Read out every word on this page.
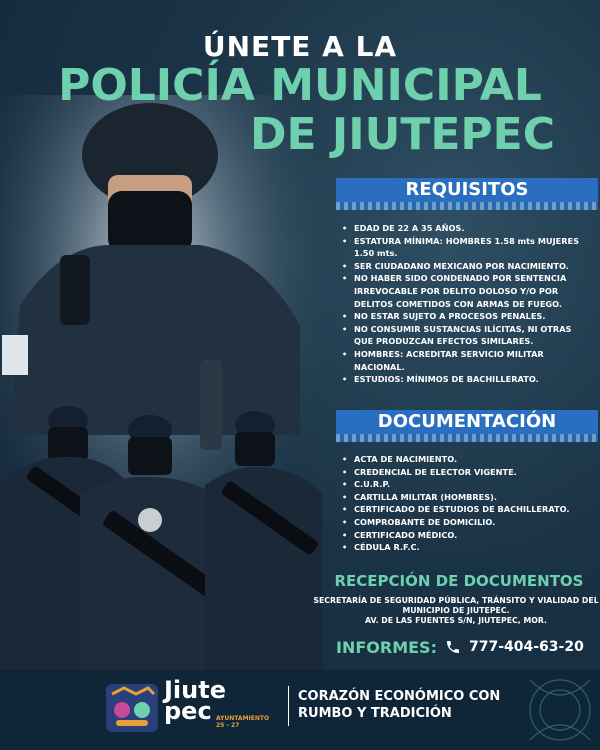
ÚNETE A LA
POLICÍA MUNICIPAL
DE JIUTEPEC
REQUISITOS
• EDAD DE 22 A 35 AÑOS.
• ESTATURA MÍNIMA: HOMBRES 1.58 mts MUJERES 1.50 mts.
• SER CIUDADANO MEXICANO POR NACIMIENTO.
• NO HABER SIDO CONDENADO POR SENTENCIA IRREVOCABLE POR DELITO DOLOSO Y/O POR DELITOS COMETIDOS CON ARMAS DE FUEGO.
• NO ESTAR SUJETO A PROCESOS PENALES.
• NO CONSUMIR SUSTANCIAS ILÍCITAS, NI OTRAS QUE PRODUZCAN EFECTOS SIMILARES.
• HOMBRES: ACREDITAR SERVICIO MILITAR NACIONAL.
• ESTUDIOS: MÍNIMOS DE BACHILLERATO.
DOCUMENTACIÓN
• ACTA DE NACIMIENTO.
• CREDENCIAL DE ELECTOR VIGENTE.
• C.U.R.P.
• CARTILLA MILITAR (HOMBRES).
• CERTIFICADO DE ESTUDIOS DE BACHILLERATO.
• COMPROBANTE DE DOMICILIO.
• CERTIFICADO MÉDICO.
• CÉDULA R.F.C.
RECEPCIÓN DE DOCUMENTOS
SECRETARÍA DE SEGURIDAD PÚBLICA, TRÁNSITO Y VIALIDAD DEL
MUNICIPIO DE JIUTEPEC.
AV. DE LAS FUENTES S/N, JIUTEPEC, MOR.
INFORMES: 777-404-63-20
Jiute
pec AYUNTAMIENTO
25 - 27
CORAZÓN ECONÓMICO CON
RUMBO Y TRADICIÓN
